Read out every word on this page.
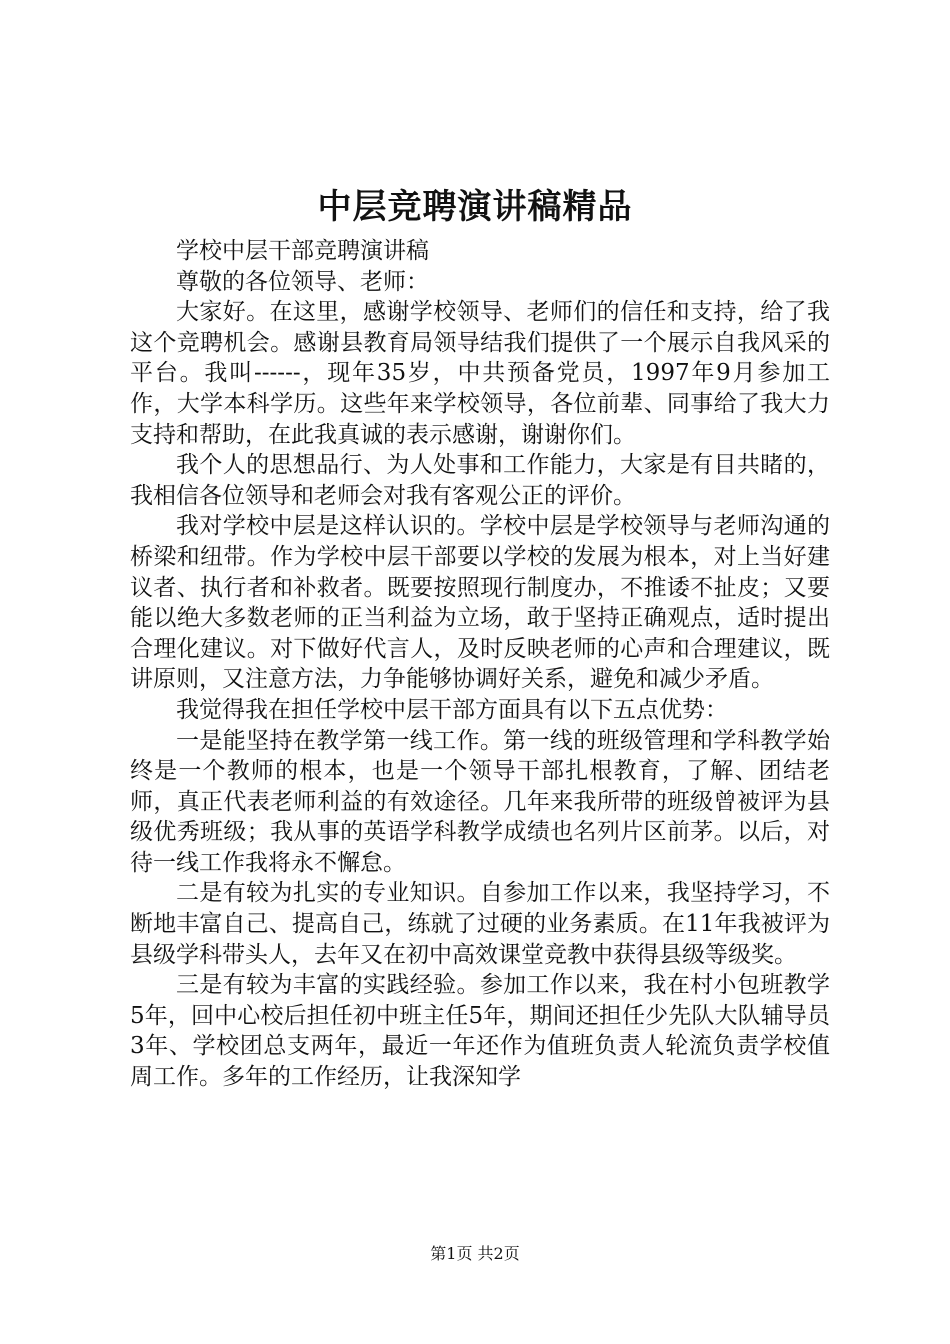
中层竞聘演讲稿精品

学校中层干部竞聘演讲稿

尊敬的各位领导、老师：

大家好。在这里，感谢学校领导、老师们的信任和支持，给了我这个竞聘机会。感谢县教育局领导结我们提供了一个展示自我风采的平台。我叫------，现年35岁，中共预备党员，1997年9月参加工作，大学本科学历。这些年来学校领导，各位前辈、同事给了我大力支持和帮助，在此我真诚的表示感谢，谢谢你们。

我个人的思想品行、为人处事和工作能力，大家是有目共睹的，我相信各位领导和老师会对我有客观公正的评价。

我对学校中层是这样认识的。学校中层是学校领导与老师沟通的桥梁和纽带。作为学校中层干部要以学校的发展为根本，对上当好建议者、执行者和补救者。既要按照现行制度办，不推诿不扯皮；又要能以绝大多数老师的正当利益为立场，敢于坚持正确观点，适时提出合理化建议。对下做好代言人，及时反映老师的心声和合理建议，既讲原则，又注意方法，力争能够协调好关系，避免和减少矛盾。

我觉得我在担任学校中层干部方面具有以下五点优势：

一是能坚持在教学第一线工作。第一线的班级管理和学科教学始终是一个教师的根本，也是一个领导干部扎根教育，了解、团结老师，真正代表老师利益的有效途径。几年来我所带的班级曾被评为县级优秀班级；我从事的英语学科教学成绩也名列片区前茅。以后，对待一线工作我将永不懈怠。

二是有较为扎实的专业知识。自参加工作以来，我坚持学习，不断地丰富自己、提高自己，练就了过硬的业务素质。在11年我被评为县级学科带头人，去年又在初中高效课堂竞教中获得县级等级奖。

三是有较为丰富的实践经验。参加工作以来，我在村小包班教学5年，回中心校后担任初中班主任5年，期间还担任少先队大队辅导员3年、学校团总支两年，最近一年还作为值班负责人轮流负责学校值周工作。多年的工作经历，让我深知学

第1页 共2页
